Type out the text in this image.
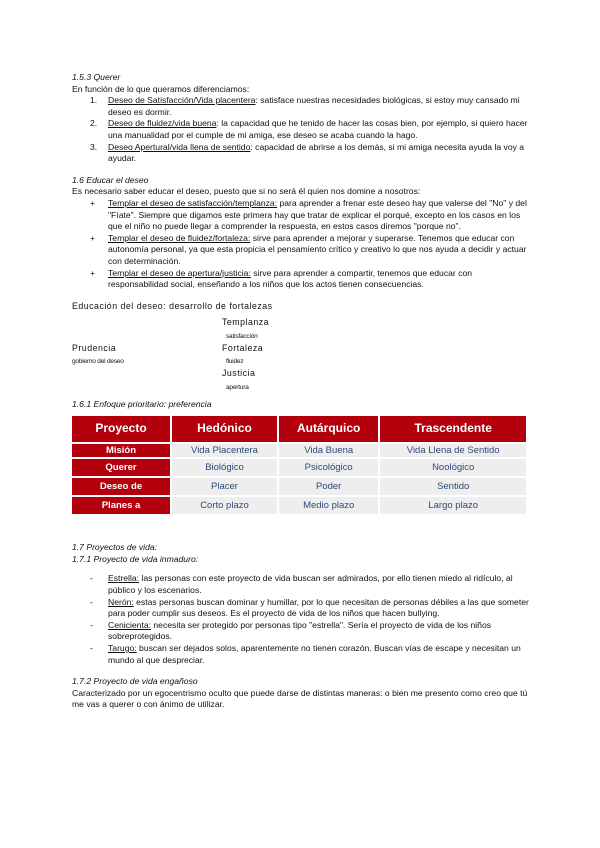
1.5.3 Querer

En función de lo que queramos diferenciamos:

1. Deseo de Satisfacción/Vida placentera: satisface nuestras necesidades biológicas, si estoy muy cansado mi deseo es dormir.
2. Deseo de fluidez/vida buena: la capacidad que he tenido de hacer las cosas bien, por ejemplo, si quiero hacer una manualidad por el cumple de mi amiga, ese deseo se acaba cuando la hago.
3. Deseo Apertural/vida llena de sentido: capacidad de abrirse a los demás, si mi amiga necesita ayuda la voy a ayudar.
1.6 Educar el deseo

Es necesario saber educar el deseo, puesto que si no será él quien nos domine a nosotros:

+ Templar el deseo de satisfacción/templanza: para aprender a frenar este deseo hay que valerse del "No" y del "Fíate". Siempre que digamos este primera hay que tratar de explicar el porqué, excepto en los casos en los que el niño no puede llegar a comprender la respuesta, en estos casos diremos "porque no".
+ Templar el deseo de fluidez/fortaleza: sirve para aprender a mejorar y superarse. Tenemos que educar con autonomía personal, ya que esta propicia el pensamiento crítico y creativo lo que nos ayuda a decidir y actuar con determinación.
+ Templar el deseo de apertura/justicia: sirve para aprender a compartir, tenemos que educar con responsabilidad social, enseñando a los niños que los actos tienen consecuencias.
Educación del deseo: desarrollo de fortalezas
Templanza
satisfacción
Prudencia
gobierno del deseo
Fortaleza
fluidez
Justicia
apertura
1.6.1 Enfoque prioritario: preferencia
Proyecto	Hedónico	Autárquico	Trascendente
Misión	Vida Placentera	Vida Buena	Vida Llena de Sentido
Querer	Biológico	Psicológico	Noológico
Deseo de	Placer	Poder	Sentido
Planes a	Corto plazo	Medio plazo	Largo plazo
1.7 Proyectos de vida:
1.7.1 Proyecto de vida inmaduro:
- Estrella: las personas con este proyecto de vida buscan ser admirados, por ello tienen miedo al ridículo, al público y los escenarios.
- Nerón: estas personas buscan dominar y humillar, por lo que necesitan de personas débiles a las que someter para poder cumplir sus deseos. Es el proyecto de vida de los niños que hacen bullying.
- Cenicienta: necesita ser protegido por personas tipo "estrella". Sería el proyecto de vida de los niños sobreprotegidos.
- Tarugo: buscan ser dejados solos, aparentemente no tienen corazón. Buscan vías de escape y necesitan un mundo al que despreciar.
1.7.2 Proyecto de vida engañoso

Caracterizado por un egocentrismo oculto que puede darse de distintas maneras: o bien me presento como creo que tú me vas a querer o con ánimo de utilizar.
